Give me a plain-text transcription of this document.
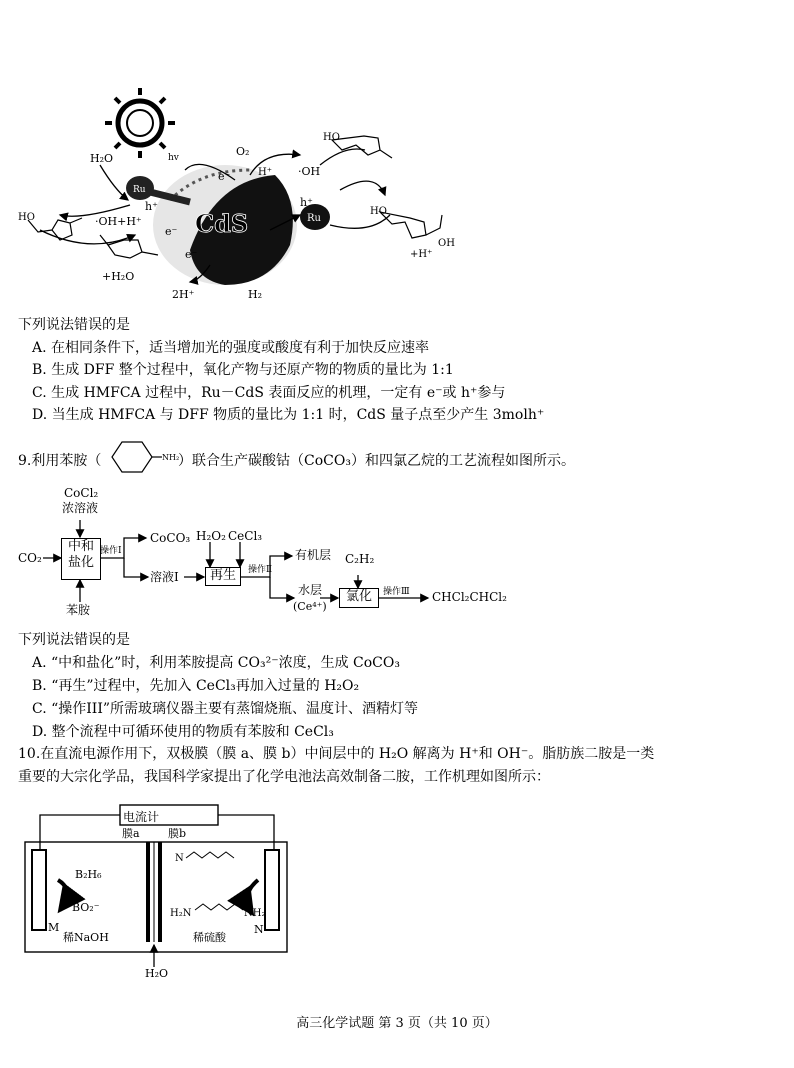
hv
H₂O
Ru
h⁺
·OH+H⁺
e⁻
e⁻
e⁻
O₂
H⁺ ·OH
h⁺
Ru
CdS
HO
+H₂O
2H⁺	H₂
HO
HO
OH
+H⁺
下列说法错误的是
A. 在相同条件下，适当增加光的强度或酸度有利于加快反应速率
B. 生成 DFF 整个过程中，氧化产物与还原产物的物质的量比为 1:1
C. 生成 HMFCA 过程中，Ru－CdS 表面反应的机理，一定有 e⁻或 h⁺参与
D. 当生成 HMFCA 与 DFF 物质的量比为 1:1 时，CdS 量子点至少产生 3molh⁺
9.利用苯胺（	NH₂
）联合生产碳酸钴（CoCO₃）和四氯乙烷的工艺流程如图所示。
CoCl₂
浓溶液
CO₂
中和
盐化
操作Ⅰ
CoCO₃ H₂O₂ CeCl₃
溶液Ⅰ	再生	操作Ⅱ
有机层
水层
(Ce⁴⁺)
C₂H₂
氯化	操作Ⅲ CHCl₂CHCl₂
苯胺
下列说法错误的是
A. “中和盐化”时，利用苯胺提高 CO₃²⁻浓度，生成 CoCO₃
B. “再生”过程中，先加入 CeCl₃再加入过量的 H₂O₂
C. “操作III”所需玻璃仪器主要有蒸馏烧瓶、温度计、酒精灯等
D. 整个流程中可循环使用的物质有苯胺和 CeCl₃
10.在直流电源作用下，双极膜（膜 a、膜 b）中间层中的 H₂O 解离为 H⁺和 OH⁻。脂肪族二胺是一类
重要的大宗化学品，我国科学家提出了化学电池法高效制备二胺，工作机理如图所示：
电流计
膜a	膜b
B₂H₆
BO₂⁻
M
稀NaOH
N
H₂N	NH₂
N
稀硫酸
H₂O
高三化学试题 第 3 页（共 10 页）
